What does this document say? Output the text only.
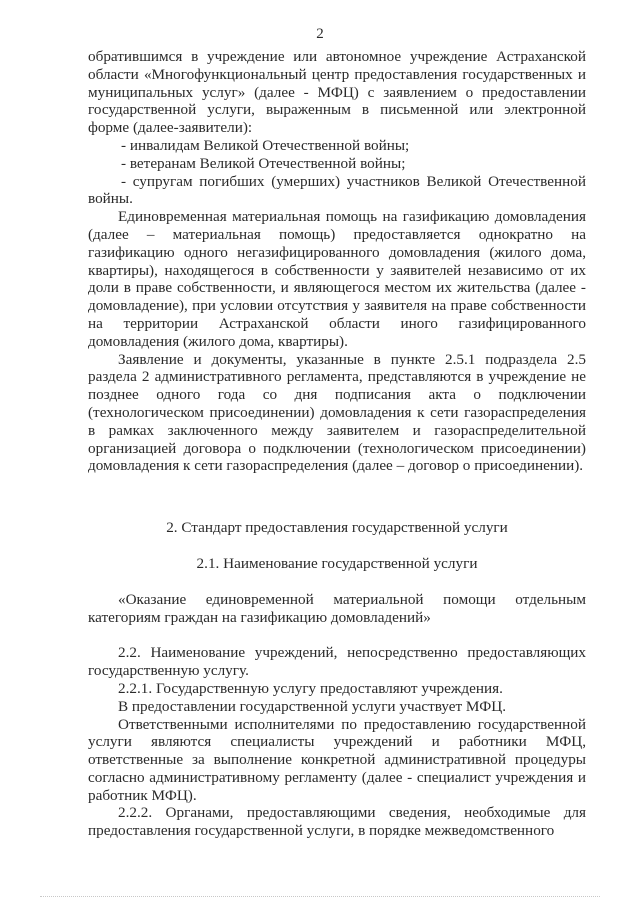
2

обратившимся в учреждение или автономное учреждение Астраханской области «Многофункциональный центр предоставления государственных и муниципальных услуг» (далее - МФЦ) с заявлением о предоставлении государственной услуги, выраженным в письменной или электронной форме (далее-заявители):

- инвалидам Великой Отечественной войны;

- ветеранам Великой Отечественной войны;

- супругам погибших (умерших) участников Великой Отечественной войны.

Единовременная материальная помощь на газификацию домовладения (далее – материальная помощь) предоставляется однократно на газификацию одного негазифицированного домовладения (жилого дома, квартиры), находящегося в собственности у заявителей независимо от их доли в праве собственности, и являющегося местом их жительства (далее - домовладение), при условии отсутствия у заявителя на праве собственности на территории Астраханской области иного газифицированного домовладения (жилого дома, квартиры).

Заявление и документы, указанные в пункте 2.5.1 подраздела 2.5 раздела 2 административного регламента, представляются в учреждение не позднее одного года со дня подписания акта о подключении (технологическом присоединении) домовладения к сети газораспределения в рамках заключенного между заявителем и газораспределительной организацией договора о подключении (технологическом присоединении) домовладения к сети газораспределения (далее – договор о присоединении).

2. Стандарт предоставления государственной услуги

2.1. Наименование государственной услуги

«Оказание единовременной материальной помощи отдельным категориям граждан на газификацию домовладений»

2.2. Наименование учреждений, непосредственно предоставляющих государственную услугу.

2.2.1. Государственную услугу предоставляют учреждения.

В предоставлении государственной услуги участвует МФЦ.

Ответственными исполнителями по предоставлению государственной услуги являются специалисты учреждений и работники МФЦ, ответственные за выполнение конкретной административной процедуры согласно административному регламенту (далее - специалист учреждения и работник МФЦ).

2.2.2. Органами, предоставляющими сведения, необходимые для предоставления государственной услуги, в порядке межведомственного
